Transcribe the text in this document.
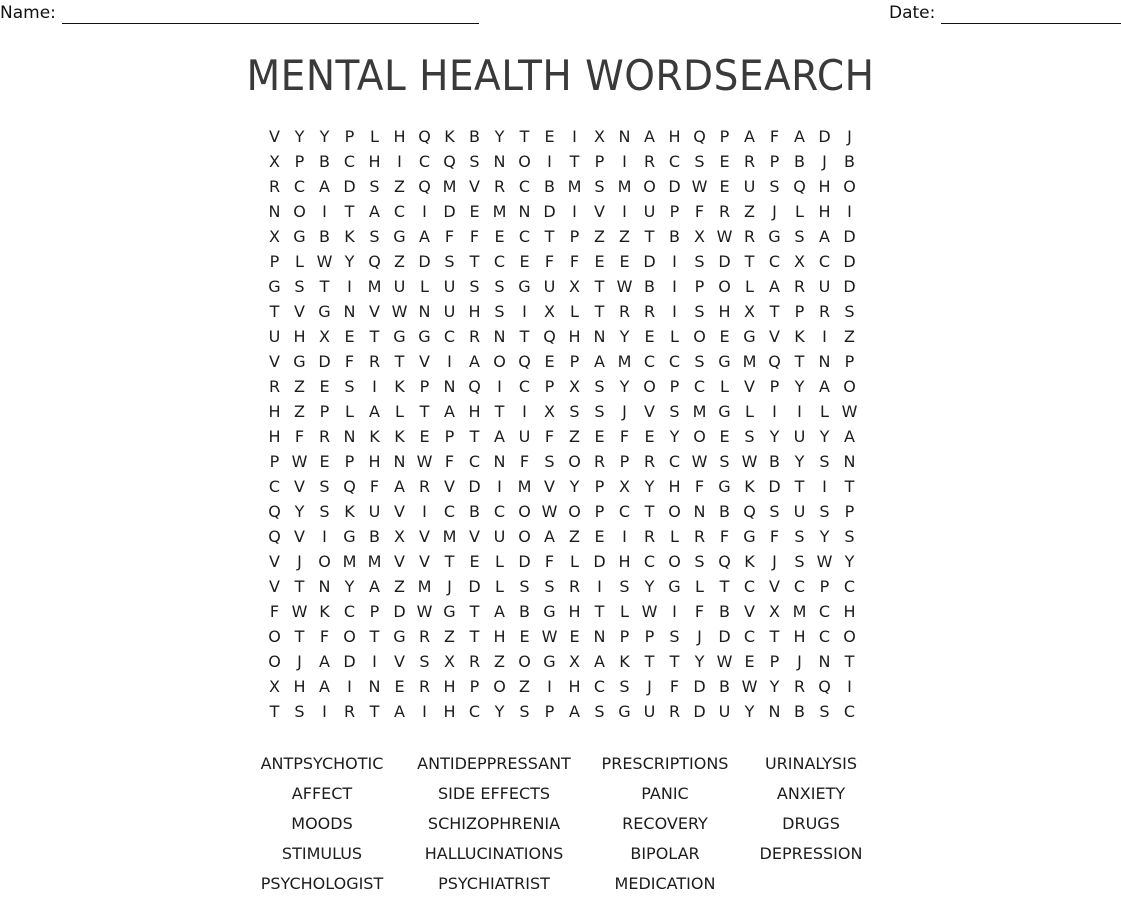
Name:	Date:
MENTAL HEALTH WORDSEARCH
V Y Y P L H Q K B Y T E I X N A H Q P A F A D J
X P B C H I C Q S N O I T P I R C S E R P B J B
R C A D S Z Q M V R C B M S M O D W E U S Q H O
N O I T A C I D E M N D I V I U P F R Z J L H I
X G B K S G A F F E C T P Z Z T B X W R G S A D
P L W Y Q Z D S T C E F F E E D I S D T C X C D
G S T I M U L U S S G U X T W B I P O L A R U D
T V G N V W N U H S I X L T R R I S H X T P R S
U H X E T G G C R N T Q H N Y E L O E G V K I Z
V G D F R T V I A O Q E P A M C C S G M Q T N P
R Z E S I K P N Q I C P X S Y O P C L V P Y A O
H Z P L A L T A H T I X S S J V S M G L I I L W
H F R N K K E P T A U F Z E F E Y O E S Y U Y A
P W E P H N W F C N F S O R P R C W S W B Y S N
C V S Q F A R V D I M V Y P X Y H F G K D T I T
Q Y S K U V I C B C O W O P C T O N B Q S U S P
Q V I G B X V M V U O A Z E I R L R F G F S Y S
V J O M M V V T E L D F L D H C O S Q K J S W Y
V T N Y A Z M J D L S S R I S Y G L T C V C P C
F W K C P D W G T A B G H T L W I F B V X M C H
O T F O T G R Z T H E W E N P P S J D C T H C O
O J A D I V S X R Z O G X A K T T Y W E P J N T
X H A I N E R H P O Z I H C S J F D B W Y R Q I
T S I R T A I H C Y S P A S G U R D U Y N B S C
ANTPSYCHOTIC
AFFECT
MOODS
STIMULUS
PSYCHOLOGIST
ANTIDEPPRESSANT
SIDE EFFECTS
SCHIZOPHRENIA
HALLUCINATIONS
PSYCHIATRIST
PRESCRIPTIONS
PANIC
RECOVERY
BIPOLAR
MEDICATION
URINALYSIS
ANXIETY
DRUGS
DEPRESSION
